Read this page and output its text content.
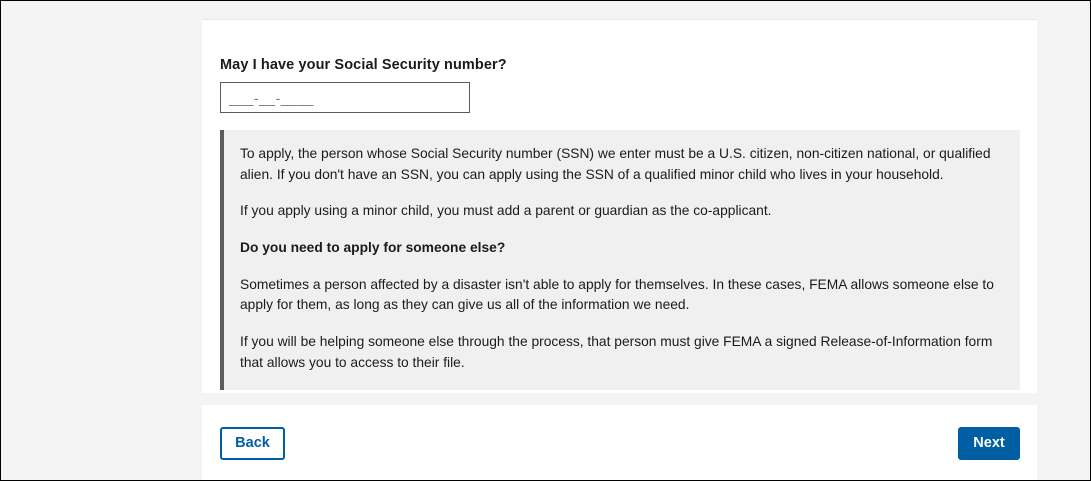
May I have your Social Security number?
___-__-____

To apply, the person whose Social Security number (SSN) we enter must be a U.S. citizen, non-citizen national, or qualified alien. If you don't have an SSN, you can apply using the SSN of a qualified minor child who lives in your household.

If you apply using a minor child, you must add a parent or guardian as the co-applicant.

Do you need to apply for someone else?

Sometimes a person affected by a disaster isn't able to apply for themselves. In these cases, FEMA allows someone else to apply for them, as long as they can give us all of the information we need.

If you will be helping someone else through the process, that person must give FEMA a signed Release-of-Information form that allows you to access to their file.

Back	Next
